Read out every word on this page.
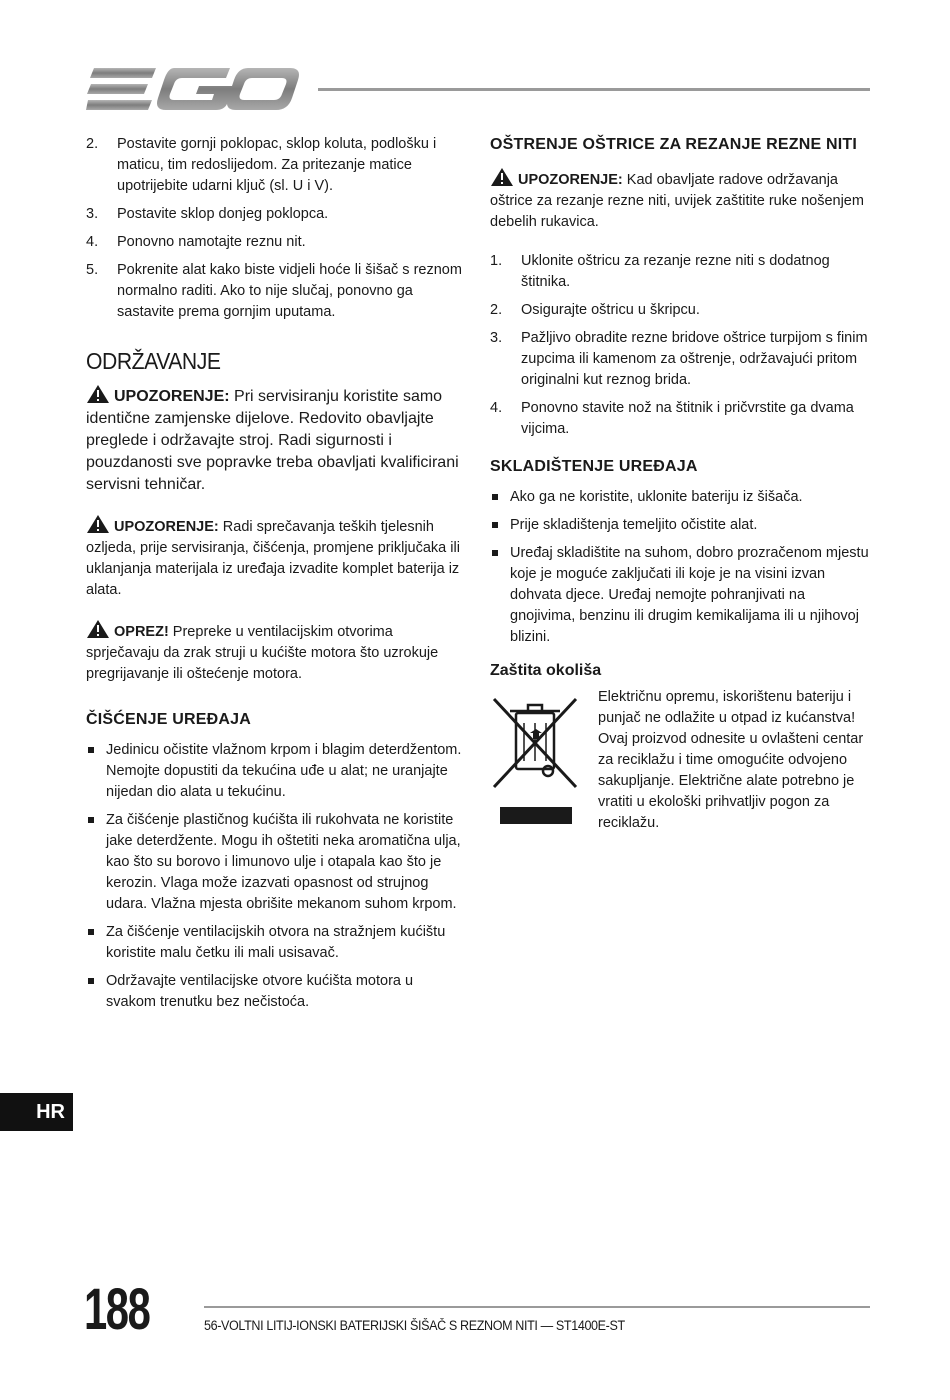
2. Postavite gornji poklopac, sklop koluta, podlošku i maticu, tim redoslijedom. Za pritezanje matice upotrijebite udarni ključ (sl. U i V).
3. Postavite sklop donjeg poklopca.
4. Ponovno namotajte reznu nit.
5. Pokrenite alat kako biste vidjeli hoće li šišač s reznom normalno raditi. Ako to nije slučaj, ponovno ga sastavite prema gornjim uputama.
ODRŽAVANJE

UPOZORENJE: Pri servisiranju koristite samo identične zamjenske dijelove. Redovito obavljajte preglede i održavajte stroj. Radi sigurnosti i pouzdanosti sve popravke treba obavljati kvalificirani servisni tehničar.

UPOZORENJE: Radi sprečavanja teških tjelesnih ozljeda, prije servisiranja, čišćenja, promjene priključaka ili uklanjanja materijala iz uređaja izvadite komplet baterija iz alata.

OPREZ! Prepreke u ventilacijskim otvorima sprječavaju da zrak struji u kućište motora što uzrokuje pregrijavanje ili oštećenje motora.

ČIŠĆENJE UREĐAJA
Jedinicu očistite vlažnom krpom i blagim deterdžentom. Nemojte dopustiti da tekućina uđe u alat; ne uranjajte nijedan dio alata u tekućinu.
Za čišćenje plastičnog kućišta ili rukohvata ne koristite jake deterdžente. Mogu ih oštetiti neka aromatična ulja, kao što su borovo i limunovo ulje i otapala kao što je kerozin. Vlaga može izazvati opasnost od strujnog udara. Vlažna mjesta obrišite mekanom suhom krpom.
Za čišćenje ventilacijskih otvora na stražnjem kućištu koristite malu četku ili mali usisavač.
Održavajte ventilacijske otvore kućišta motora u svakom trenutku bez nečistoća.
OŠTRENJE OŠTRICE ZA REZANJE REZNE NITI

UPOZORENJE: Kad obavljate radove održavanja oštrice za rezanje rezne niti, uvijek zaštitite ruke nošenjem debelih rukavica.

1. Uklonite oštricu za rezanje rezne niti s dodatnog štitnika.
2. Osigurajte oštricu u škripcu.
3. Pažljivo obradite rezne bridove oštrice turpijom s finim zupcima ili kamenom za oštrenje, održavajući pritom originalni kut reznog brida.
4. Ponovno stavite nož na štitnik i pričvrstite ga dvama vijcima.
SKLADIŠTENJE UREĐAJA
Ako ga ne koristite, uklonite bateriju iz šišača.
Prije skladištenja temeljito očistite alat.
Uređaj skladištite na suhom, dobro prozračenom mjestu koje je moguće zaključati ili koje je na visini izvan dohvata djece. Uređaj nemojte pohranjivati na gnojivima, benzinu ili drugim kemikalijama ili u njihovoj blizini.
Zaštita okoliša
Električnu opremu, iskorištenu bateriju i punjač ne odlažite u otpad iz kućanstva! Ovaj proizvod odnesite u ovlašteni centar za reciklažu i time omogućite odvojeno sakupljanje. Električne alate potrebno je vratiti u ekološki prihvatljiv pogon za reciklažu.
HR
188	56-VOLTNI LITIJ-IONSKI BATERIJSKI ŠIŠAČ S REZNOM NITI — ST1400E-ST
